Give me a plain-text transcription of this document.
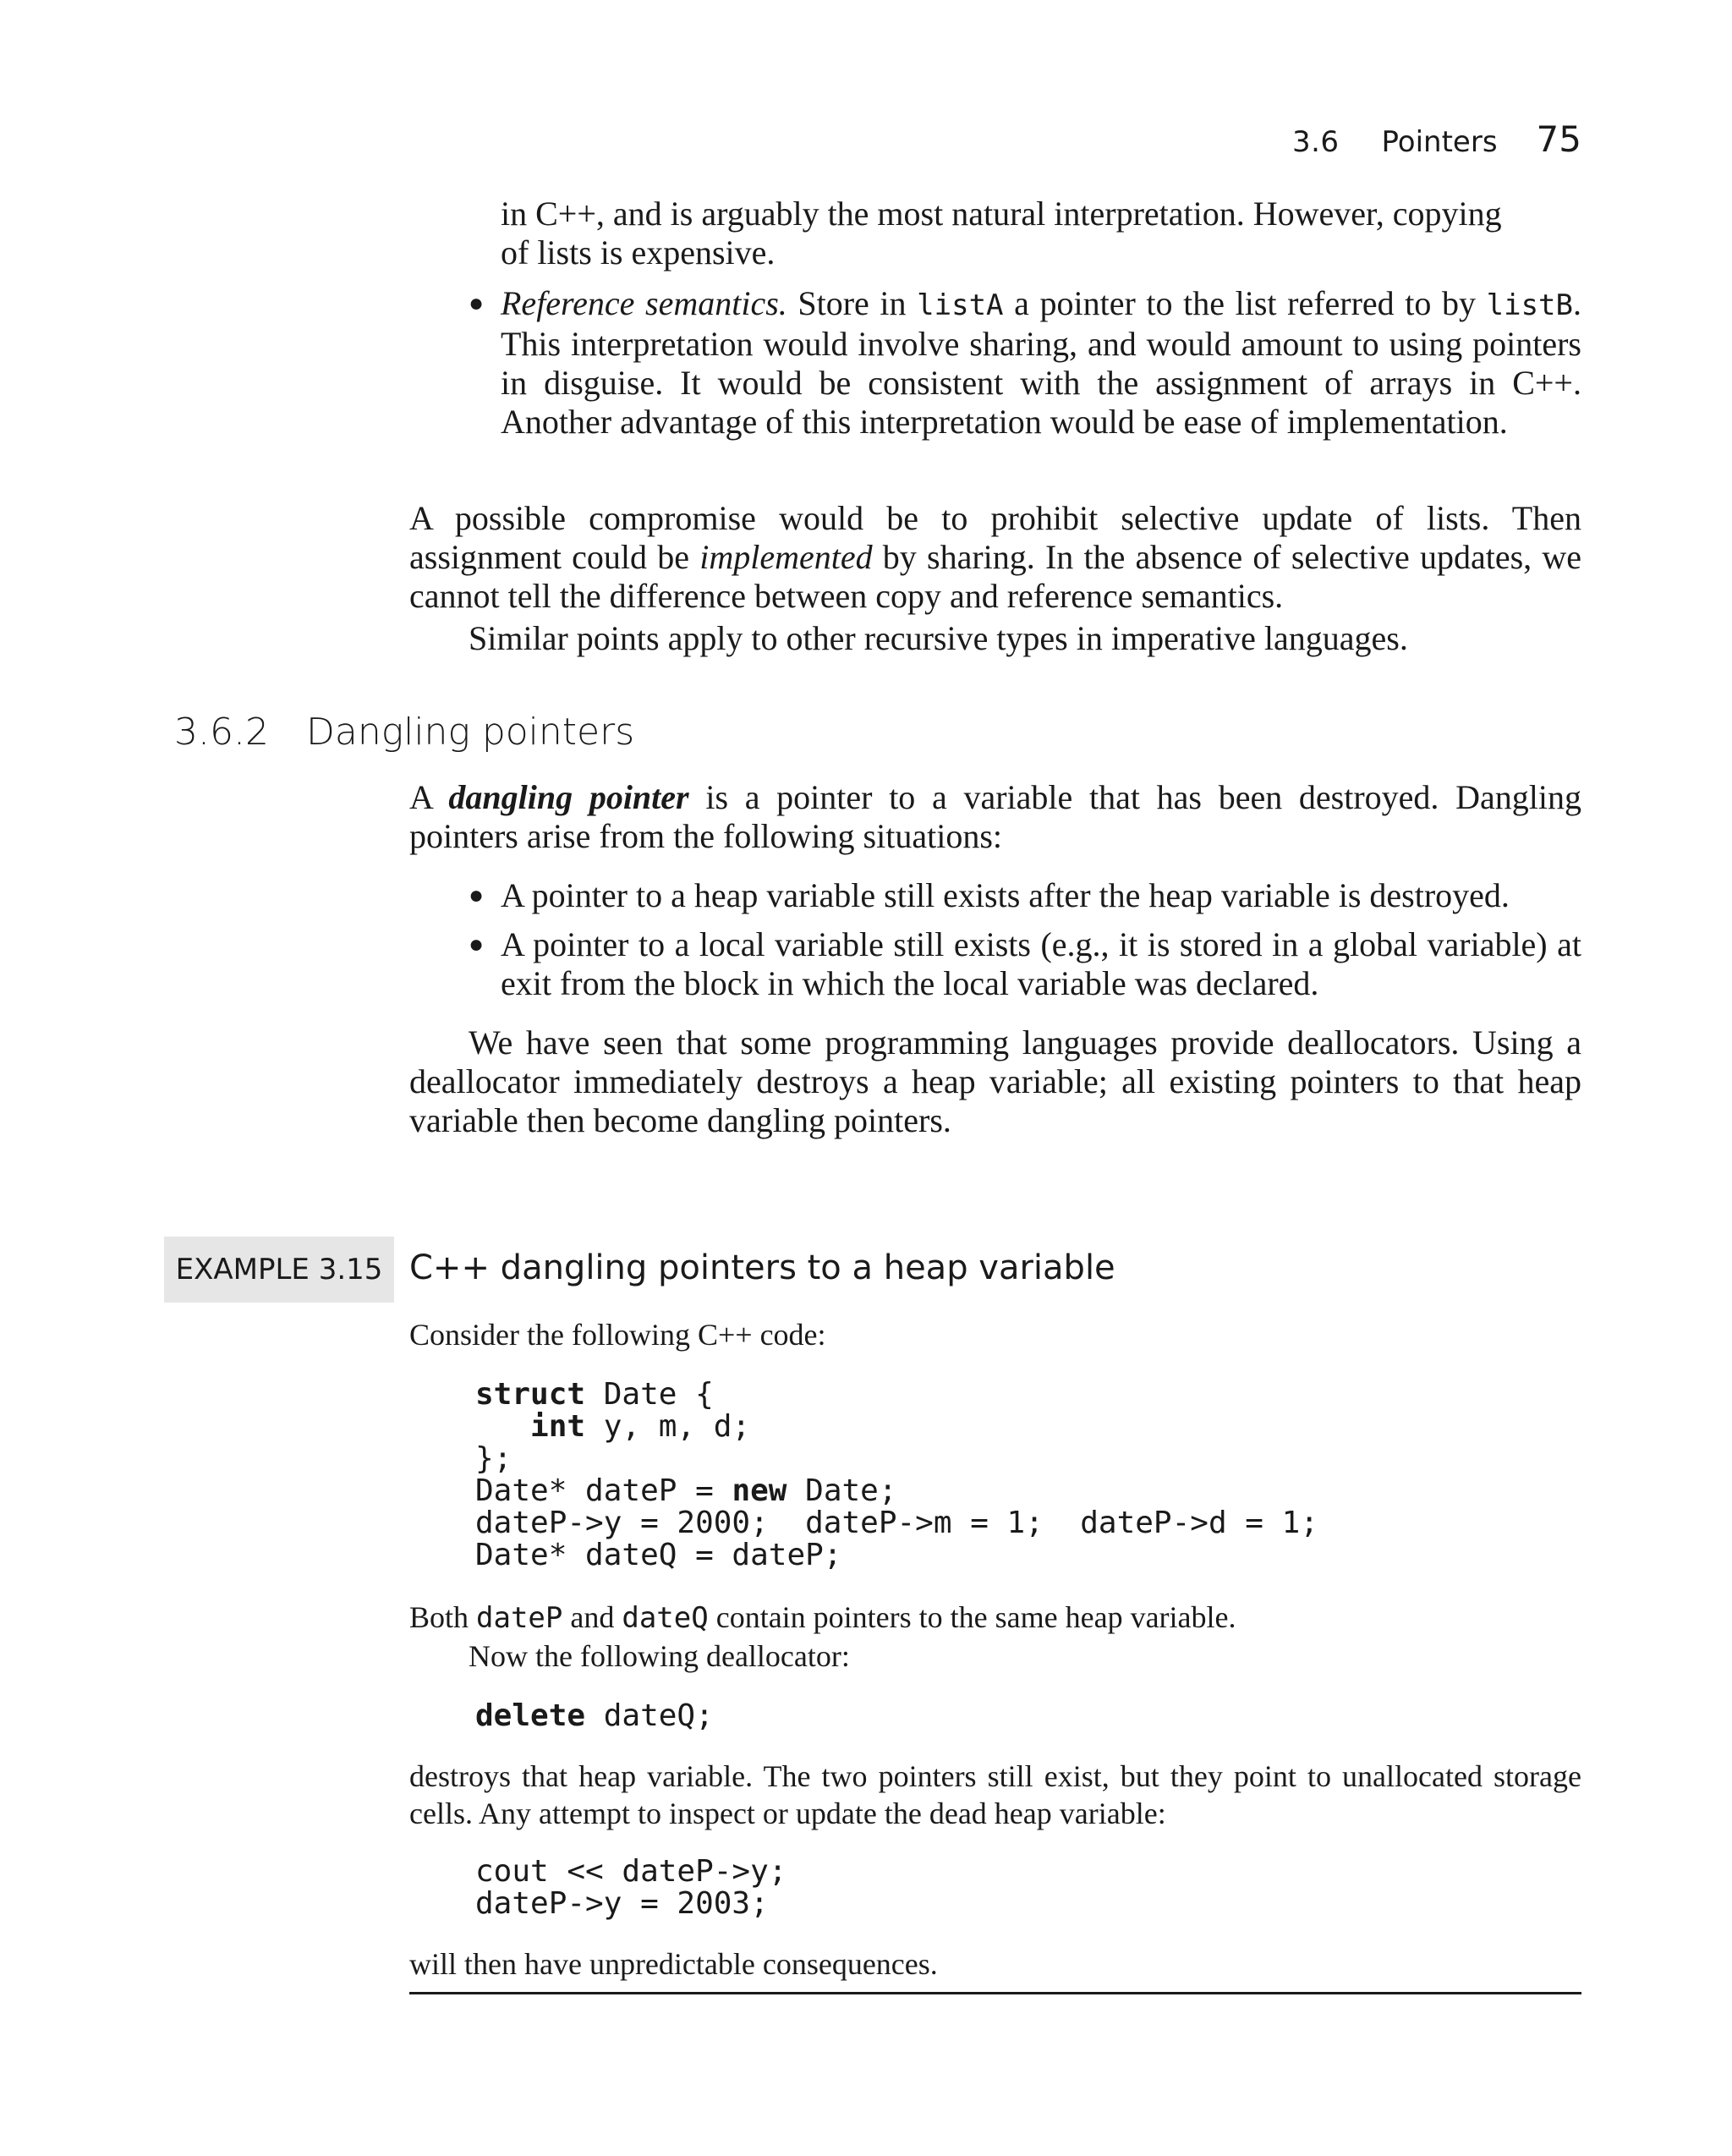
3.6 Pointers 75
in C++, and is arguably the most natural interpretation. However, copying
of lists is expensive.
● Reference semantics. Store in listA a pointer to the list referred to by listB. This interpretation would involve sharing, and would amount to using pointers in disguise. It would be consistent with the assignment of arrays in C++. Another advantage of this interpretation would be ease of implementation.
A possible compromise would be to prohibit selective update of lists. Then assignment could be implemented by sharing. In the absence of selective updates, we cannot tell the difference between copy and reference semantics.
Similar points apply to other recursive types in imperative languages.
3.6.2 Dangling pointers
A dangling pointer is a pointer to a variable that has been destroyed. Dangling pointers arise from the following situations:
● A pointer to a heap variable still exists after the heap variable is destroyed.
● A pointer to a local variable still exists (e.g., it is stored in a global variable) at exit from the block in which the local variable was declared.
We have seen that some programming languages provide deallocators. Using a deallocator immediately destroys a heap variable; all existing pointers to that heap variable then become dangling pointers.
EXAMPLE 3.15 C++ dangling pointers to a heap variable
Consider the following C++ code:
struct Date {
int y, m, d;
};
Date* dateP = new Date;
dateP->y = 2000;  dateP->m = 1;  dateP->d = 1;
Date* dateQ = dateP;
Both dateP and dateQ contain pointers to the same heap variable.
Now the following deallocator:
delete dateQ;
destroys that heap variable. The two pointers still exist, but they point to unallocated storage cells. Any attempt to inspect or update the dead heap variable:
cout << dateP->y;
dateP->y = 2003;
will then have unpredictable consequences.
